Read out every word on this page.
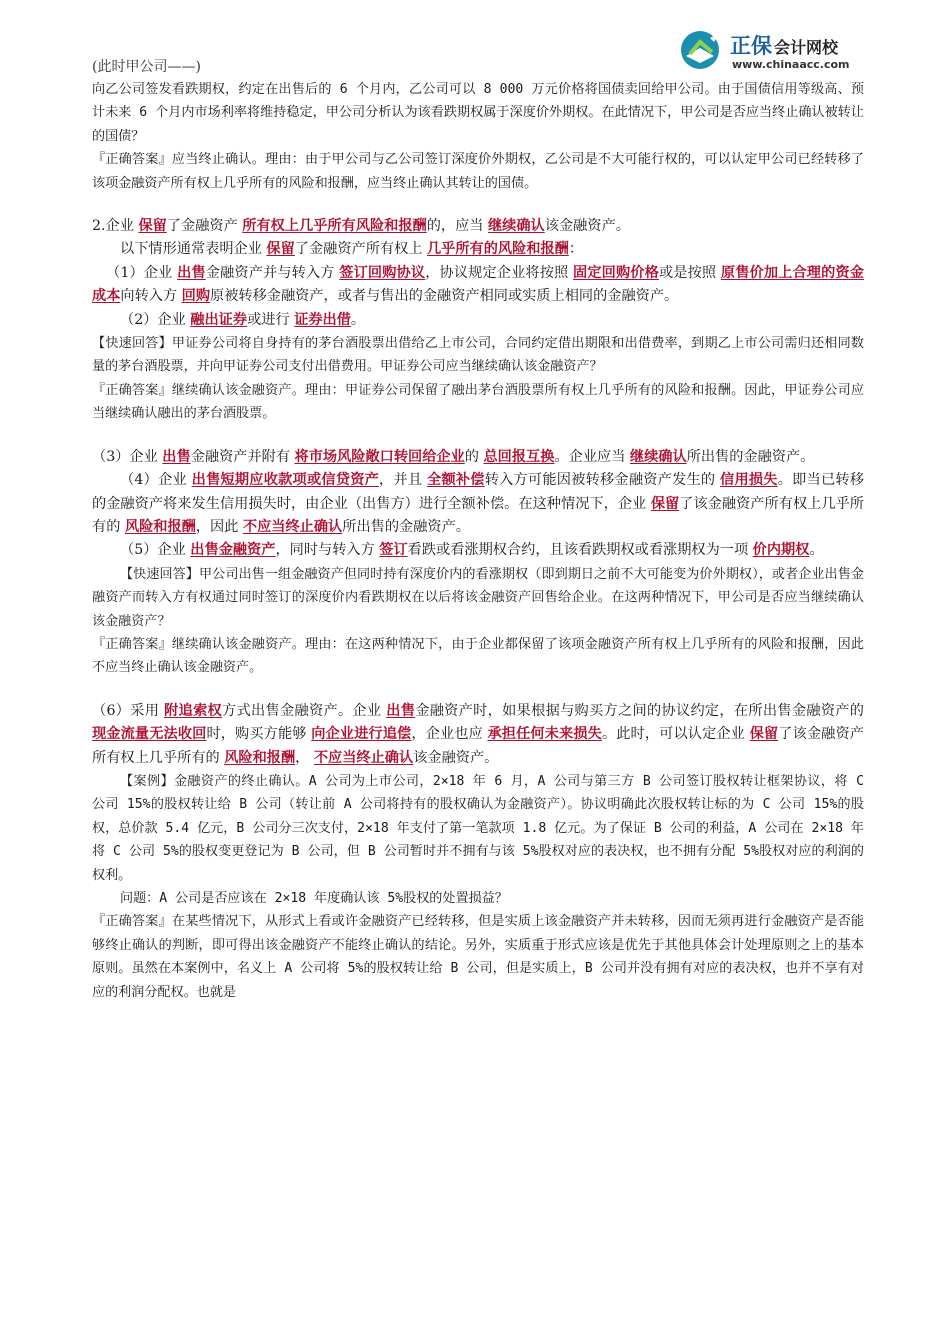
正保 会计网校
www.chinaacc.com
(此时甲公司——)

向乙公司签发看跌期权，约定在出售后的 6 个月内，乙公司可以 8 000 万元价格将国债卖回给甲公司。由于国债信用等级高、预计未来 6 个月内市场利率将维持稳定，甲公司分析认为该看跌期权属于深度价外期权。在此情况下，甲公司是否应当终止确认被转让的国债？

『正确答案』应当终止确认。理由：由于甲公司与乙公司签订深度价外期权，乙公司是不大可能行权的，可以认定甲公司已经转移了该项金融资产所有权上几乎所有的风险和报酬，应当终止确认其转让的国债。

2.企业 保留了金融资产 所有权上几乎所有风险和报酬的，应当 继续确认该金融资产。

以下情形通常表明企业 保留了金融资产所有权上 几乎所有的风险和报酬：

（1）企业 出售金融资产并与转入方 签订回购协议，协议规定企业将按照 固定回购价格或是按照 原售价加上合理的资金成本向转入方 回购原被转移金融资产，或者与售出的金融资产相同或实质上相同的金融资产。

（2）企业 融出证券或进行 证券出借。

【快速回答】甲证券公司将自身持有的茅台酒股票出借给乙上市公司，合同约定借出期限和出借费率，到期乙上市公司需归还相同数量的茅台酒股票，并向甲证券公司支付出借费用。甲证券公司应当继续确认该金融资产？

『正确答案』继续确认该金融资产。理由：甲证券公司保留了融出茅台酒股票所有权上几乎所有的风险和报酬。因此，甲证券公司应当继续确认融出的茅台酒股票。

（3）企业 出售金融资产并附有 将市场风险敞口转回给企业的 总回报互换。企业应当 继续确认所出售的金融资产。

（4）企业 出售短期应收款项或信贷资产，并且 全额补偿转入方可能因被转移金融资产发生的 信用损失。即当已转移的金融资产将来发生信用损失时，由企业（出售方）进行全额补偿。在这种情况下，企业 保留了该金融资产所有权上几乎所有的 风险和报酬，因此 不应当终止确认所出售的金融资产。

（5）企业 出售金融资产，同时与转入方 签订看跌或看涨期权合约，且该看跌期权或看涨期权为一项 价内期权。

【快速回答】甲公司出售一组金融资产但同时持有深度价内的看涨期权（即到期日之前不大可能变为价外期权），或者企业出售金融资产而转入方有权通过同时签订的深度价内看跌期权在以后将该金融资产回售给企业。在这两种情况下，甲公司是否应当继续确认该金融资产？

『正确答案』继续确认该金融资产。理由：在这两种情况下，由于企业都保留了该项金融资产所有权上几乎所有的风险和报酬，因此不应当终止确认该金融资产。

（6）采用 附追索权方式出售金融资产。企业 出售金融资产时，如果根据与购买方之间的协议约定，在所出售金融资产的 现金流量无法收回时，购买方能够 向企业进行追偿，企业也应 承担任何未来损失。此时，可以认定企业 保留了该金融资产所有权上几乎所有的 风险和报酬， 不应当终止确认该金融资产。

【案例】金融资产的终止确认。A 公司为上市公司，2×18 年 6 月，A 公司与第三方 B 公司签订股权转让框架协议，将 C 公司 15%的股权转让给 B 公司（转让前 A 公司将持有的股权确认为金融资产）。协议明确此次股权转让标的为 C 公司 15%的股权，总价款 5.4 亿元，B 公司分三次支付，2×18 年支付了第一笔款项 1.8 亿元。为了保证 B 公司的利益，A 公司在 2×18 年将 C 公司 5%的股权变更登记为 B 公司，但 B 公司暂时并不拥有与该 5%股权对应的表决权，也不拥有分配 5%股权对应的利润的权利。

问题：A 公司是否应该在 2×18 年度确认该 5%股权的处置损益？

『正确答案』在某些情况下，从形式上看或许金融资产已经转移，但是实质上该金融资产并未转移，因而无须再进行金融资产是否能够终止确认的判断，即可得出该金融资产不能终止确认的结论。另外，实质重于形式应该是优先于其他具体会计处理原则之上的基本原则。虽然在本案例中，名义上 A 公司将 5%的股权转让给 B 公司，但是实质上，B 公司并没有拥有对应的表决权，也并不享有对应的利润分配权。也就是
